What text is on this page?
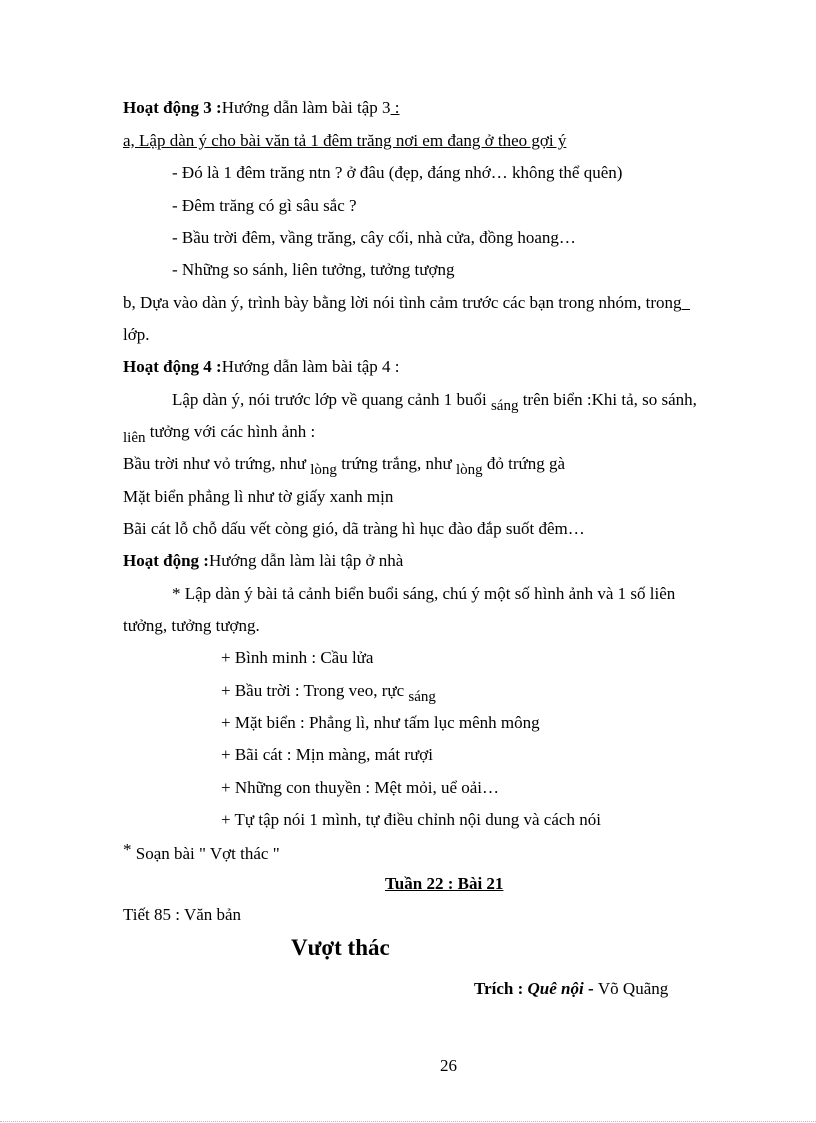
Hoạt động 3 :Hướng dẫn làm bài tập 3 :
a, Lập dàn ý cho bài văn tả 1 đêm trăng nơi em đang ở theo gợi ý
- Đó là 1 đêm trăng ntn ? ở đâu (đẹp, đáng nhớ… không thể quên)
- Đêm trăng có gì sâu sắc ?
- Bầu trời đêm, vầng trăng, cây cối, nhà cửa, đồng hoang…
- Những so sánh, liên tưởng, tưởng tượng
b, Dựa vào dàn ý, trình bày bằng lời nói tình cảm trước các bạn trong nhóm, trong
lớp.
Hoạt động 4 :Hướng dẫn làm bài tập 4 :
Lập dàn ý, nói trước lớp về quang cảnh 1 buổi sáng trên biển :Khi tả, so sánh,
liên tưởng với các hình ảnh :
Bầu trời như vỏ trứng, như lòng trứng trắng, như lòng đỏ trứng gà
Mặt biển phẳng lì như tờ giấy xanh mịn
Bãi cát lỗ chỗ dấu vết còng gió, dã tràng hì hục đào đắp suốt đêm…
Hoạt động :Hướng dẫn làm lài tập ở nhà
* Lập dàn ý bài tả cảnh biển buổi sáng, chú ý một số hình ảnh và 1 số liên
tưởng, tưởng tượng.
+ Bình minh : Cầu lửa
+ Bầu trời : Trong veo, rực sáng
+ Mặt biển : Phẳng lì, như tấm lục mênh mông
+ Bãi cát : Mịn màng, mát rượi
+ Những con thuyền : Mệt mỏi, uể oải…
+ Tự tập nói 1 mình, tự điều chỉnh nội dung và cách nói
* Soạn bài " Vợt thác "
Tuần 22 : Bài 21
Tiết 85 : Văn bản
Vượt thác
Trích : Quê nội - Võ Quãng
26
